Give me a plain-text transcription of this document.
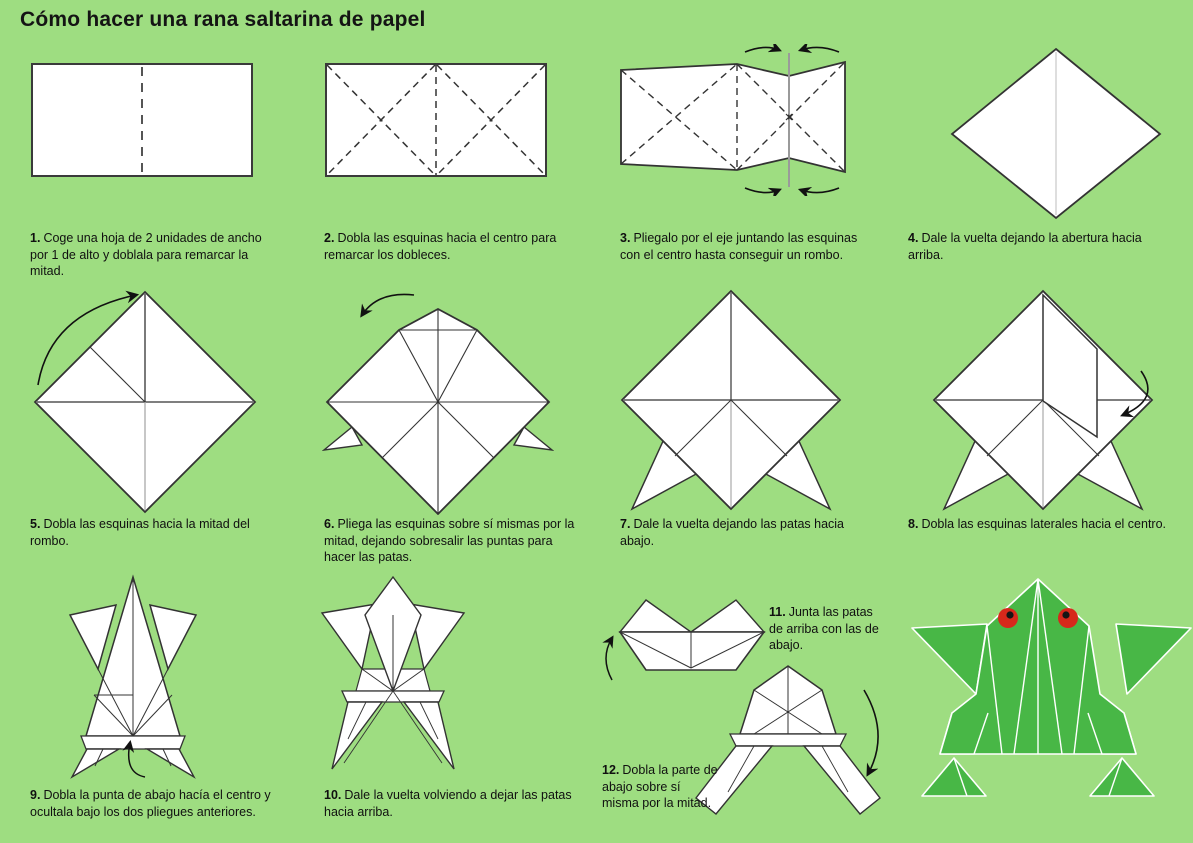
Cómo hacer una rana saltarina de papel

1. Coge una hoja de 2 unidades de ancho por 1 de alto y doblala para remarcar la mitad.

2. Dobla las esquinas hacia el centro para remarcar los dobleces.

3. Pliegalo por el eje juntando las esquinas con el centro hasta conseguir un rombo.

4. Dale la vuelta dejando la abertura hacia arriba.

5. Dobla las esquinas hacia la mitad del rombo.

6. Pliega las esquinas sobre sí mismas por la mitad, dejando sobresalir las puntas para hacer las patas.

7. Dale la vuelta dejando las patas hacia abajo.

8. Dobla las esquinas laterales hacia el centro.

9. Dobla la punta de abajo hacía el centro y ocultala bajo los dos pliegues anteriores.

10. Dale la vuelta volviendo a dejar las patas hacia arriba.

11. Junta las patas de arriba con las de abajo.

12. Dobla la parte de abajo sobre sí misma por la mitad.
